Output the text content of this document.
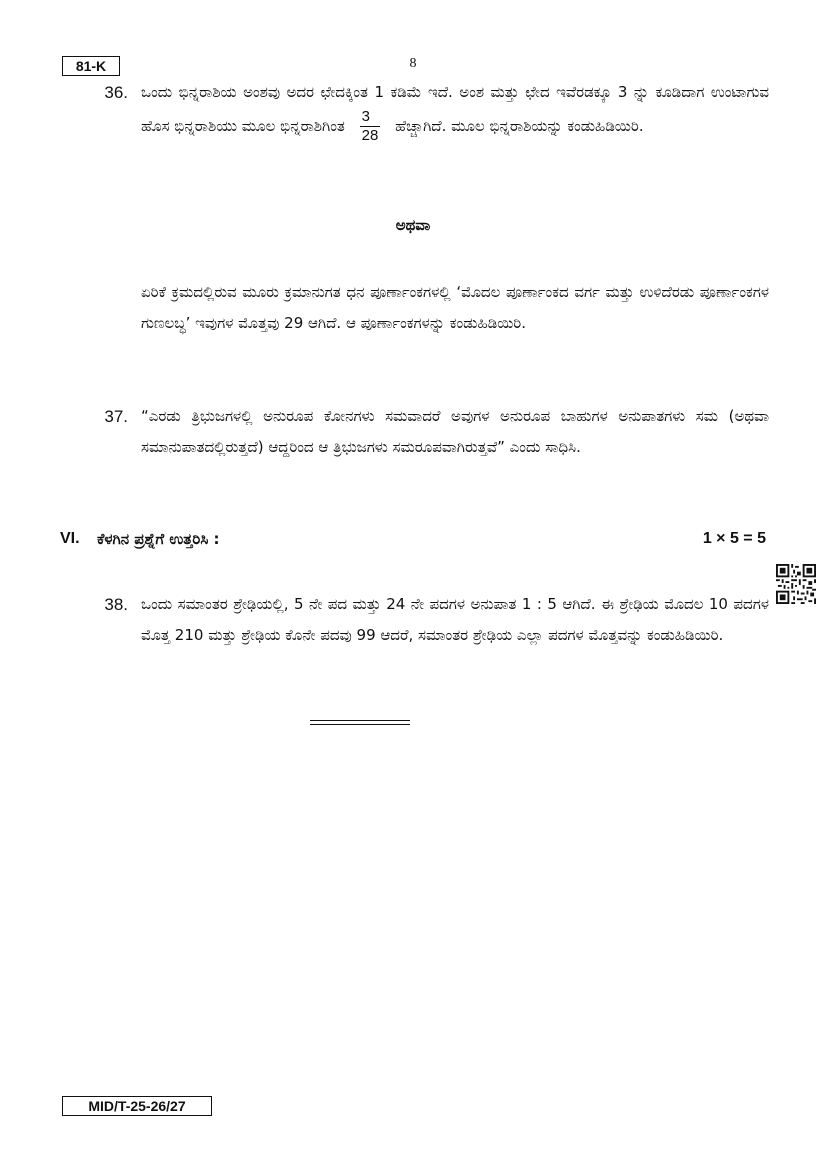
81-K	8
36. ಒಂದು ಭಿನ್ನರಾಶಿಯ ಅಂಶವು ಅದರ ಛೇದಕ್ಕಿಂತ 1 ಕಡಿಮೆ ಇದೆ. ಅಂಶ ಮತ್ತು ಛೇದ ಇವೆರಡಕ್ಕೂ 3 ನ್ನು ಕೂಡಿದಾಗ ಉಂಟಾಗುವ ಹೊಸ ಭಿನ್ನರಾಶಿಯು ಮೂಲ ಭಿನ್ನರಾಶಿಗಿಂತ $\frac{3}{28}$ ಹೆಚ್ಚಾಗಿದೆ. ಮೂಲ ಭಿನ್ನರಾಶಿಯನ್ನು ಕಂಡುಹಿಡಿಯಿರಿ.
ಅಥವಾ
ಏರಿಕೆ ಕ್ರಮದಲ್ಲಿರುವ ಮೂರು ಕ್ರಮಾನುಗತ ಧನ ಪೂರ್ಣಾಂಕಗಳಲ್ಲಿ ‘ಮೊದಲ ಪೂರ್ಣಾಂಕದ ವರ್ಗ ಮತ್ತು ಉಳಿದೆರಡು ಪೂರ್ಣಾಂಕಗಳ ಗುಣಲಬ್ಧ’ ಇವುಗಳ ಮೊತ್ತವು 29 ಆಗಿದೆ. ಆ ಪೂರ್ಣಾಂಕಗಳನ್ನು ಕಂಡುಹಿಡಿಯಿರಿ.
37. “ಎರಡು ತ್ರಿಭುಜಗಳಲ್ಲಿ ಅನುರೂಪ ಕೋನಗಳು ಸಮವಾದರೆ ಅವುಗಳ ಅನುರೂಪ ಬಾಹುಗಳ ಅನುಪಾತಗಳು ಸಮ (ಅಥವಾ ಸಮಾನುಪಾತದಲ್ಲಿರುತ್ತದೆ) ಆದ್ದರಿಂದ ಆ ತ್ರಿಭುಜಗಳು ಸಮರೂಪವಾಗಿರುತ್ತವೆ” ಎಂದು ಸಾಧಿಸಿ.
VI. ಕೆಳಗಿನ ಪ್ರಶ್ನೆಗೆ ಉತ್ತರಿಸಿ :	1 × 5 = 5
38. ಒಂದು ಸಮಾಂತರ ಶ್ರೇಢಿಯಲ್ಲಿ, 5 ನೇ ಪದ ಮತ್ತು 24 ನೇ ಪದಗಳ ಅನುಪಾತ 1 : 5 ಆಗಿದೆ. ಈ ಶ್ರೇಢಿಯ ಮೊದಲ 10 ಪದಗಳ ಮೊತ್ತ 210 ಮತ್ತು ಶ್ರೇಢಿಯ ಕೊನೇ ಪದವು 99 ಆದರೆ, ಸಮಾಂತರ ಶ್ರೇಢಿಯ ಎಲ್ಲಾ ಪದಗಳ ಮೊತ್ತವನ್ನು ಕಂಡುಹಿಡಿಯಿರಿ.
MID/T-25-26/27
